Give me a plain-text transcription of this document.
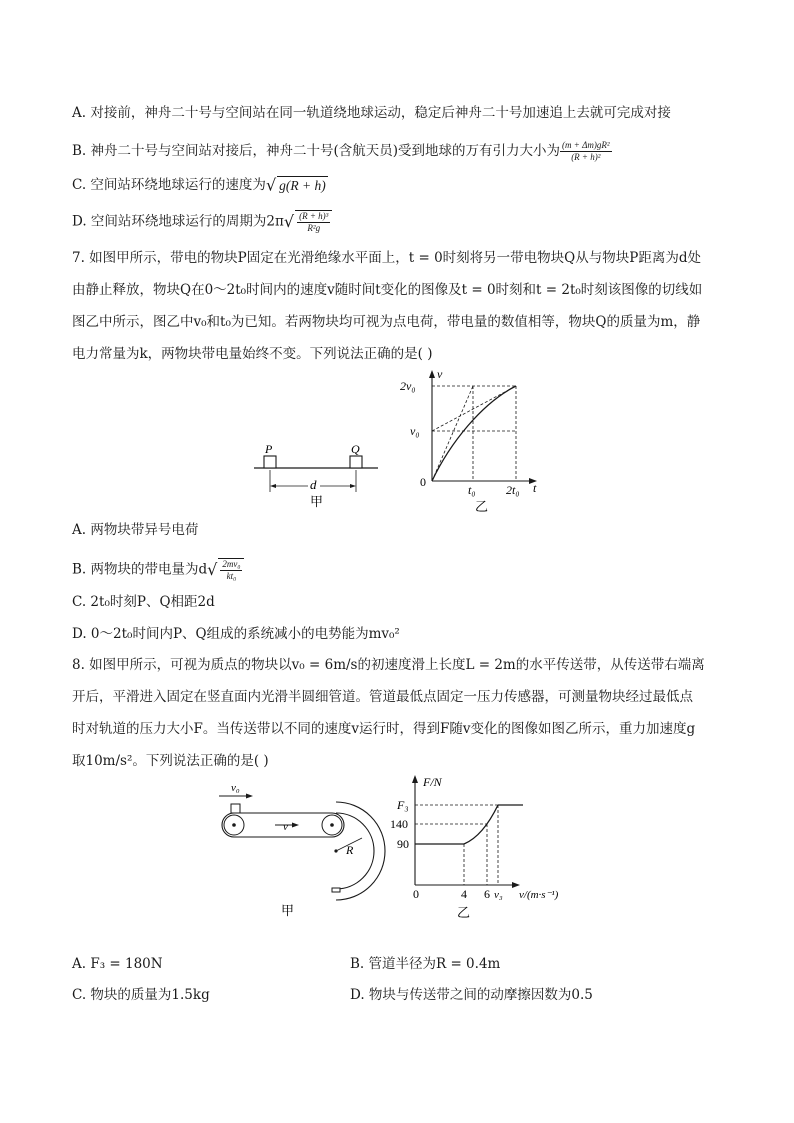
A. 对接前，神舟二十号与空间站在同一轨道绕地球运动，稳定后神舟二十号加速追上去就可完成对接
B. 神舟二十号与空间站对接后，神舟二十号(含航天员)受到地球的万有引力大小为 $\frac{\text{(m + Δm)gR²}}{\text{(R + h)²}}$
C. 空间站环绕地球运行的速度为√ g(R + h)
D. 空间站环绕地球运行的周期为$2\pi√ \frac{\text{(R + h)³}}{\text{R²g}}$
7. 如图甲所示，带电的物块P固定在光滑绝缘水平面上，t = 0时刻将另一带电物块Q从与物块P距离为d处
由静止释放，物块Q在0～2t₀时间内的速度v随时间t变化的图像及t = 0时刻和t = 2t₀时刻该图像的切线如
图乙中所示，图乙中v₀和t₀为已知。若两物块均可视为点电荷，带电量的数值相等，物块Q的质量为m，静
电力常量为k，两物块带电量始终不变。下列说法正确的是( )
P	Q
d
甲
2v₀
v₀
v
0
t₀	2t₀ t
乙
A. 两物块带异号电荷
B. 两物块的带电量为$d√ \frac{\text{2mv₀}}{\text{kt₀}}$
C. 2t₀时刻P、Q相距2d
D. 0～2t₀时间内P、Q组成的系统减小的电势能为mv₀²
8. 如图甲所示，可视为质点的物块以v₀ = 6m/s的初速度滑上长度L = 2m的水平传送带，从传送带右端离
开后，平滑进入固定在竖直面内光滑半圆细管道。管道最低点固定一压力传感器，可测量物块经过最低点
时对轨道的压力大小F。当传送带以不同的速度v运行时，得到F随v变化的图像如图乙所示，重力加速度g
取10m/s²。下列说法正确的是( )
v₀
v
R
甲
F/N
F₃
140
90
0	4 6 v₃ v/(m·s⁻¹)
乙
A. F₃ = 180N	B. 管道半径为R = 0.4m
C. 物块的质量为1.5kg	D. 物块与传送带之间的动摩擦因数为0.5
